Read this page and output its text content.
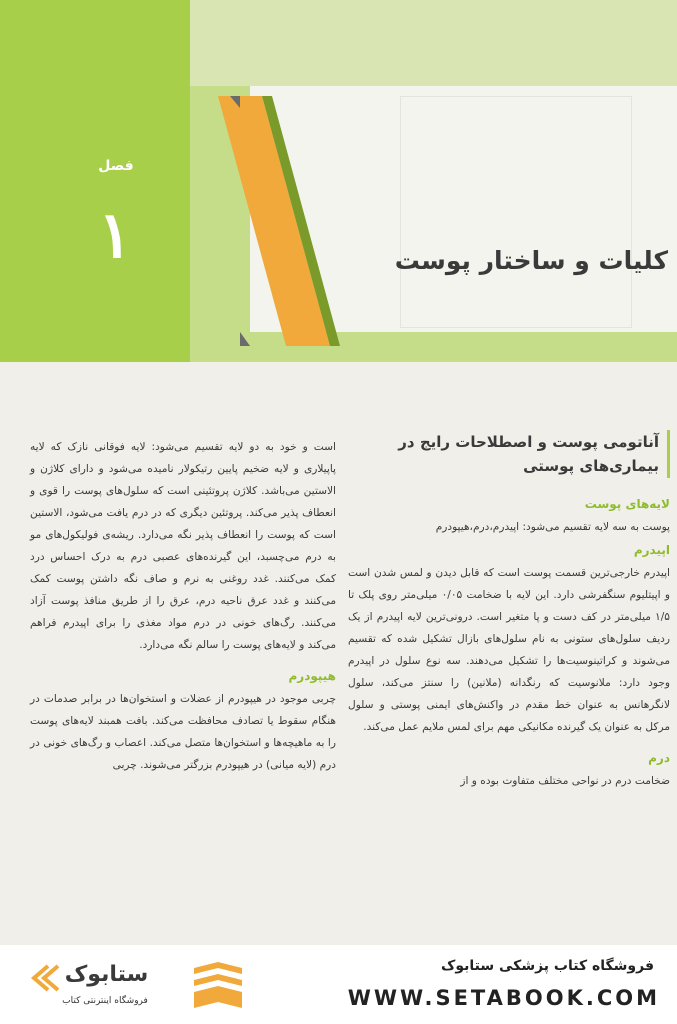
فصل
۱	کلیات و ساختار پوست
آناتومی پوست و اصطلاحات رایج در
بیماری‌های پوستی
لایه‌های پوست

پوست به سه لایه تقسیم می‌شود: اپیدرم،درم،هیپودرم

اپیدرم

اپیدرم خارجی‌ترین قسمت پوست است که قابل دیدن و لمس شدن است و اپیتلیوم سنگفرشی دارد. این لایه با ضخامت ۰/۰۵ میلی‌متر روی پلک تا ۱/۵ میلی‌متر در کف دست و پا متغیر است. درونی‌ترین لایه اپیدرم از یک ردیف سلول‌های ستونی به نام سلول‌های بازال تشکیل شده که تقسیم می‌شوند و کراتینوسیت‌ها را تشکیل می‌دهند. سه نوع سلول در اپیدرم وجود دارد: ملانوسیت که رنگدانه (ملانین) را سنتز می‌کند، سلول لانگرهانس به عنوان خط مقدم در واکنش‌های ایمنی پوستی و سلول مرکل به عنوان یک گیرنده مکانیکی مهم برای لمس ملایم عمل می‌کند.

درم

ضخامت درم در نواحی مختلف متفاوت بوده و از

است و خود به دو لایه تقسیم می‌شود: لایه فوقانی نازک که لایه پاپیلاری و لایه ضخیم پایین رتیکولار نامیده می‌شود و دارای کلاژن و الاستین می‌باشد. کلاژن پروتئینی است که سلول‌های پوست را قوی و انعطاف پذیر می‌کند. پروتئین دیگری که در درم یافت می‌شود، الاستین است که پوست را انعطاف پذیر نگه می‌دارد. ریشه‌ی فولیکول‌های مو به درم می‌چسبد، این گیرنده‌های عصبی درم به درک احساس درد کمک می‌کنند. غدد روغنی به نرم و صاف نگه داشتن پوست کمک می‌کنند و غدد عرق ناحیه درم، عرق را از طریق منافذ پوست آزاد می‌کنند. رگ‌های خونی در درم مواد مغذی را برای اپیدرم فراهم می‌کند و لایه‌های پوست را سالم نگه می‌دارد.

هیپودرم

چربی موجود در هیپودرم از عضلات و استخوان‌ها در برابر صدمات در هنگام سقوط یا تصادف محافظت می‌کند. بافت همبند لایه‌های پوست را به ماهیچه‌ها و استخوان‌ها متصل می‌کند. اعصاب و رگ‌های خونی در درم (لایه میانی) در هیپودرم بزرگتر می‌شوند. چربی

فروشگاه کتاب پزشکی ستابوک
WWW.SETABOOK.COM
ستابوک
فروشگاه اینترنتی کتاب
